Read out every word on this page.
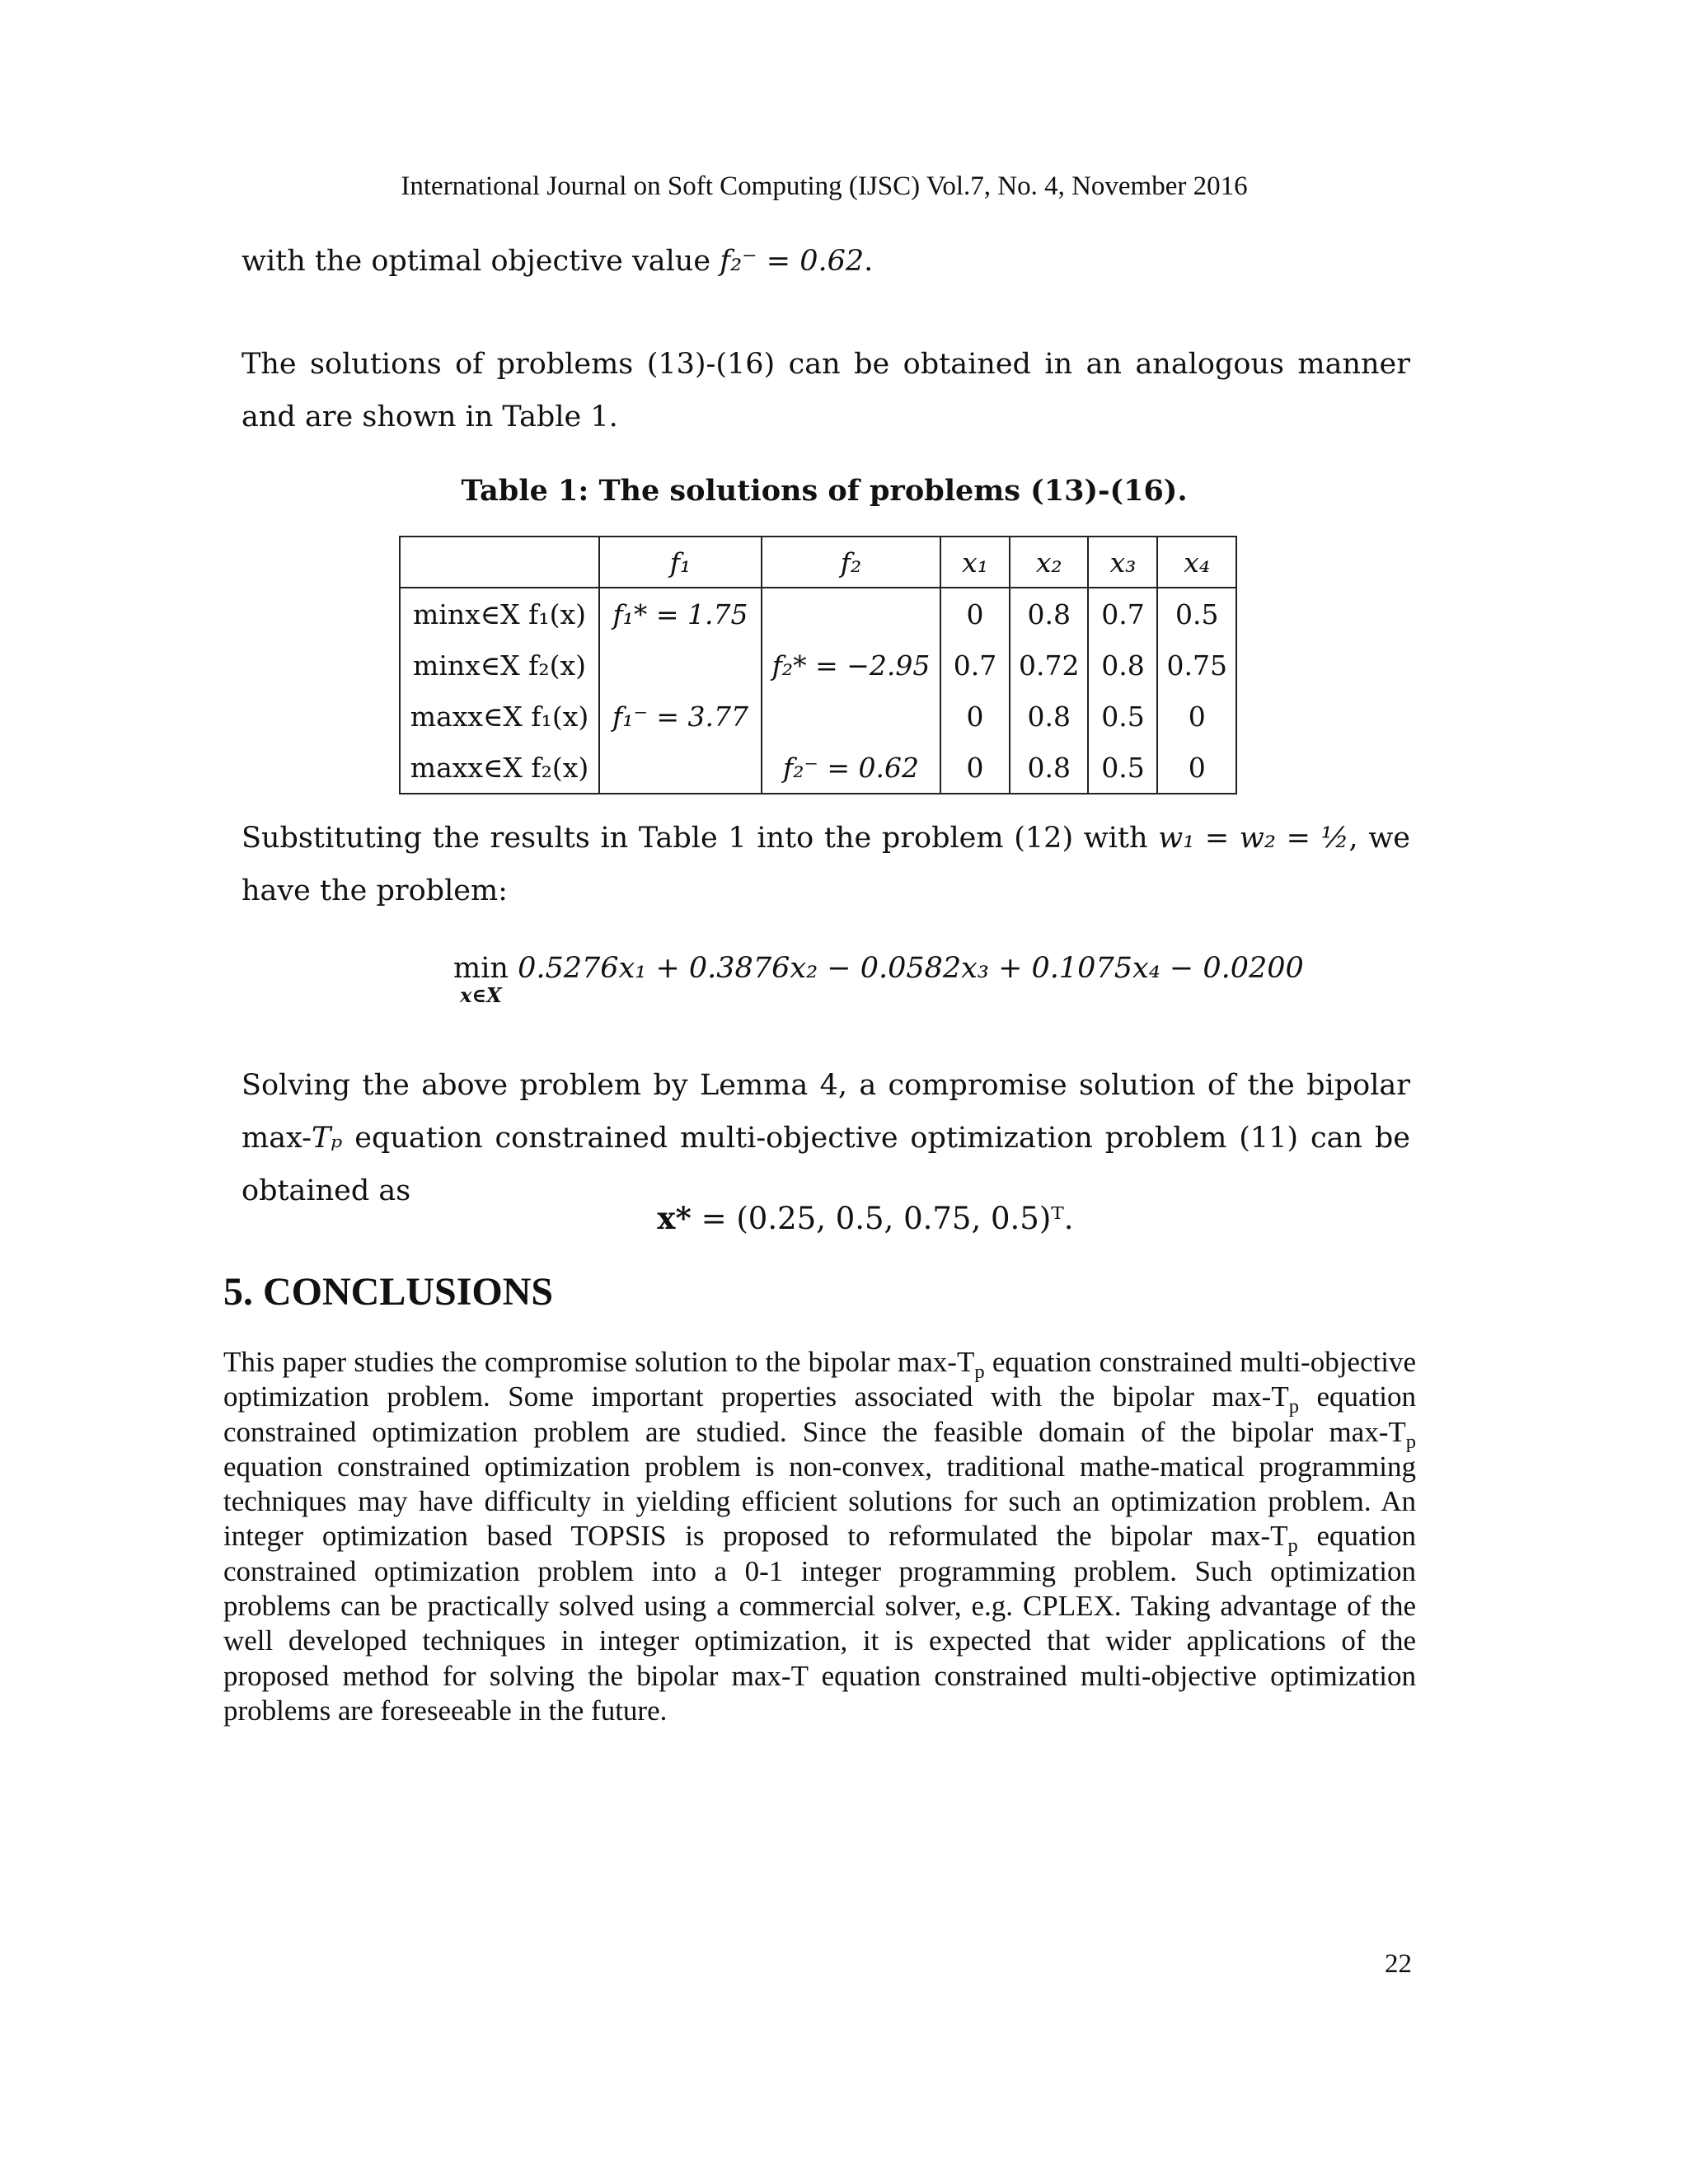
International Journal on Soft Computing (IJSC) Vol.7, No. 4, November 2016
with the optimal objective value f₂⁻ = 0.62.
The solutions of problems (13)-(16) can be obtained in an analogous manner and are shown in Table 1.
Table 1: The solutions of problems (13)-(16).
	f₁	f₂	x₁	x₂	x₃	x₄
minx∈X f₁(x)	f₁* = 1.75		0	0.8	0.7	0.5
minx∈X f₂(x)		f₂* = −2.95	0.7	0.72	0.8	0.75
maxx∈X f₁(x)	f₁⁻ = 3.77		0	0.8	0.5	0
maxx∈X f₂(x)		f₂⁻ = 0.62	0	0.8	0.5	0
Substituting the results in Table 1 into the problem (12) with w₁ = w₂ = ½, we have the problem:
min
x∈X
0.5276x₁ + 0.3876x₂ − 0.0582x₃ + 0.1075x₄ − 0.0200
Solving the above problem by Lemma 4, a compromise solution of the bipolar max-Tₚ equation constrained multi-objective optimization problem (11) can be obtained as
x* = (0.25, 0.5, 0.75, 0.5)ᵀ.
5. CONCLUSIONS
This paper studies the compromise solution to the bipolar $\max-T_p$ equation constrained multi-objective optimization problem. Some important properties associated with the bipolar $\max-T_p$ equation constrained optimization problem are studied. Since the feasible domain of the bipolar $\max-T_p$ equation constrained optimization problem is non-convex, traditional mathe-matical programming techniques may have difficulty in yielding efficient solutions for such an optimization problem. An integer optimization based TOPSIS is proposed to reformulated the bipolar $\max-T_p$ equation constrained optimization problem into a 0-1 integer programming problem. Such optimization problems can be practically solved using a commercial solver, e.g. CPLEX. Taking advantage of the well developed techniques in integer optimization, it is expected that wider applications of the proposed method for solving the bipolar max-T equation constrained multi-objective optimization problems are foreseeable in the future.
22
